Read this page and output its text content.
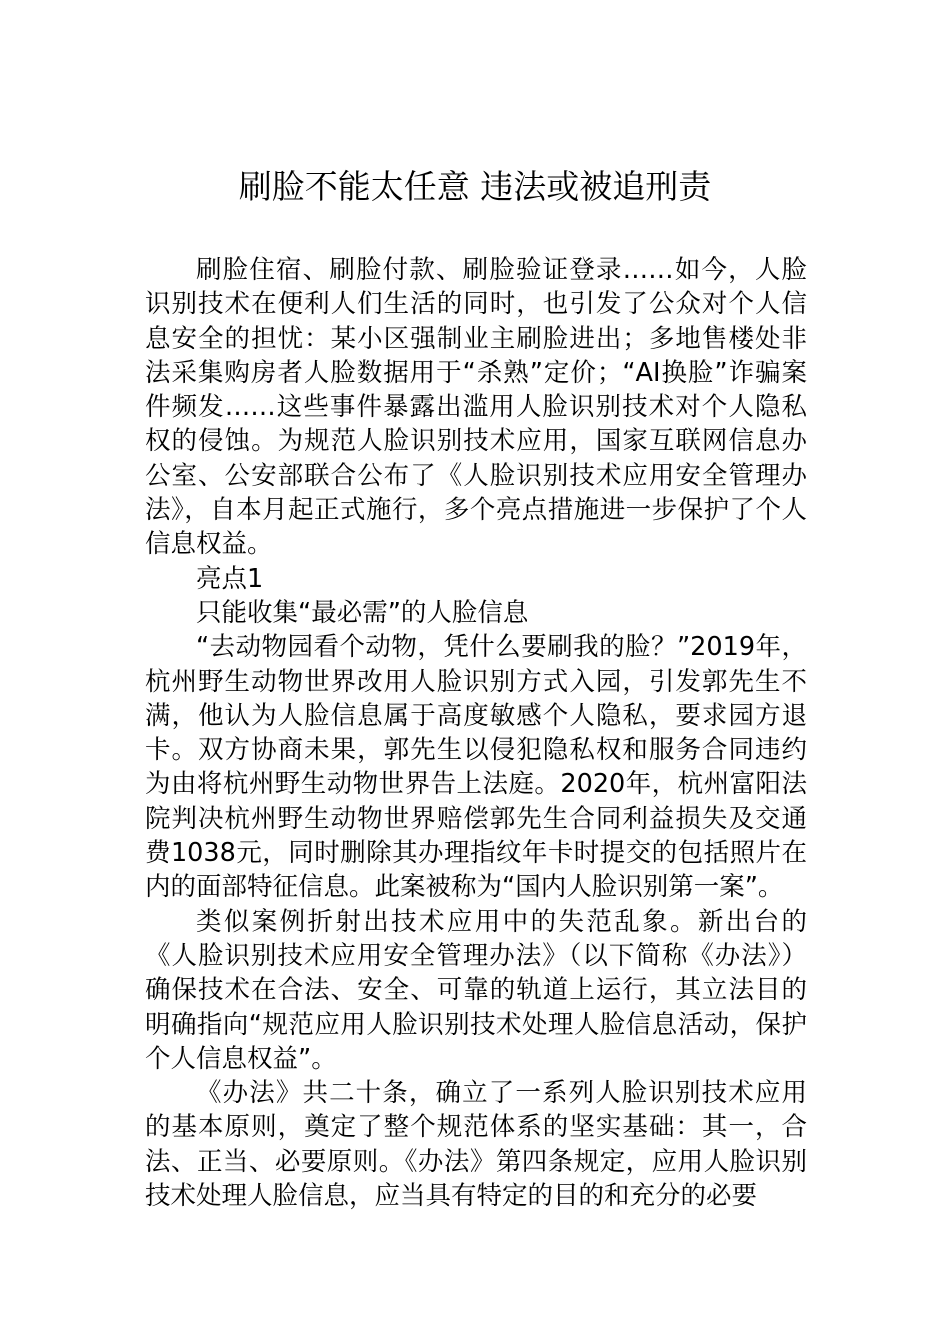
刷脸不能太任意 违法或被追刑责

刷脸住宿、刷脸付款、刷脸验证登录……如今，人脸识别技术在便利人们生活的同时，也引发了公众对个人信息安全的担忧：某小区强制业主刷脸进出；多地售楼处非法采集购房者人脸数据用于“杀熟”定价；“AI换脸”诈骗案件频发……这些事件暴露出滥用人脸识别技术对个人隐私权的侵蚀。为规范人脸识别技术应用，国家互联网信息办公室、公安部联合公布了《人脸识别技术应用安全管理办法》，自本月起正式施行，多个亮点措施进一步保护了个人信息权益。

亮点1

只能收集“最必需”的人脸信息

“去动物园看个动物，凭什么要刷我的脸？”2019年，杭州野生动物世界改用人脸识别方式入园，引发郭先生不满，他认为人脸信息属于高度敏感个人隐私，要求园方退卡。双方协商未果，郭先生以侵犯隐私权和服务合同违约为由将杭州野生动物世界告上法庭。2020年，杭州富阳法院判决杭州野生动物世界赔偿郭先生合同利益损失及交通费1038元，同时删除其办理指纹年卡时提交的包括照片在内的面部特征信息。此案被称为“国内人脸识别第一案”。

类似案例折射出技术应用中的失范乱象。新出台的《人脸识别技术应用安全管理办法》（以下简称《办法》）确保技术在合法、安全、可靠的轨道上运行，其立法目的明确指向“规范应用人脸识别技术处理人脸信息活动，保护个人信息权益”。

《办法》共二十条，确立了一系列人脸识别技术应用的基本原则，奠定了整个规范体系的坚实基础：其一，合法、正当、必要原则。《办法》第四条规定，应用人脸识别技术处理人脸信息，应当具有特定的目的和充分的必要
